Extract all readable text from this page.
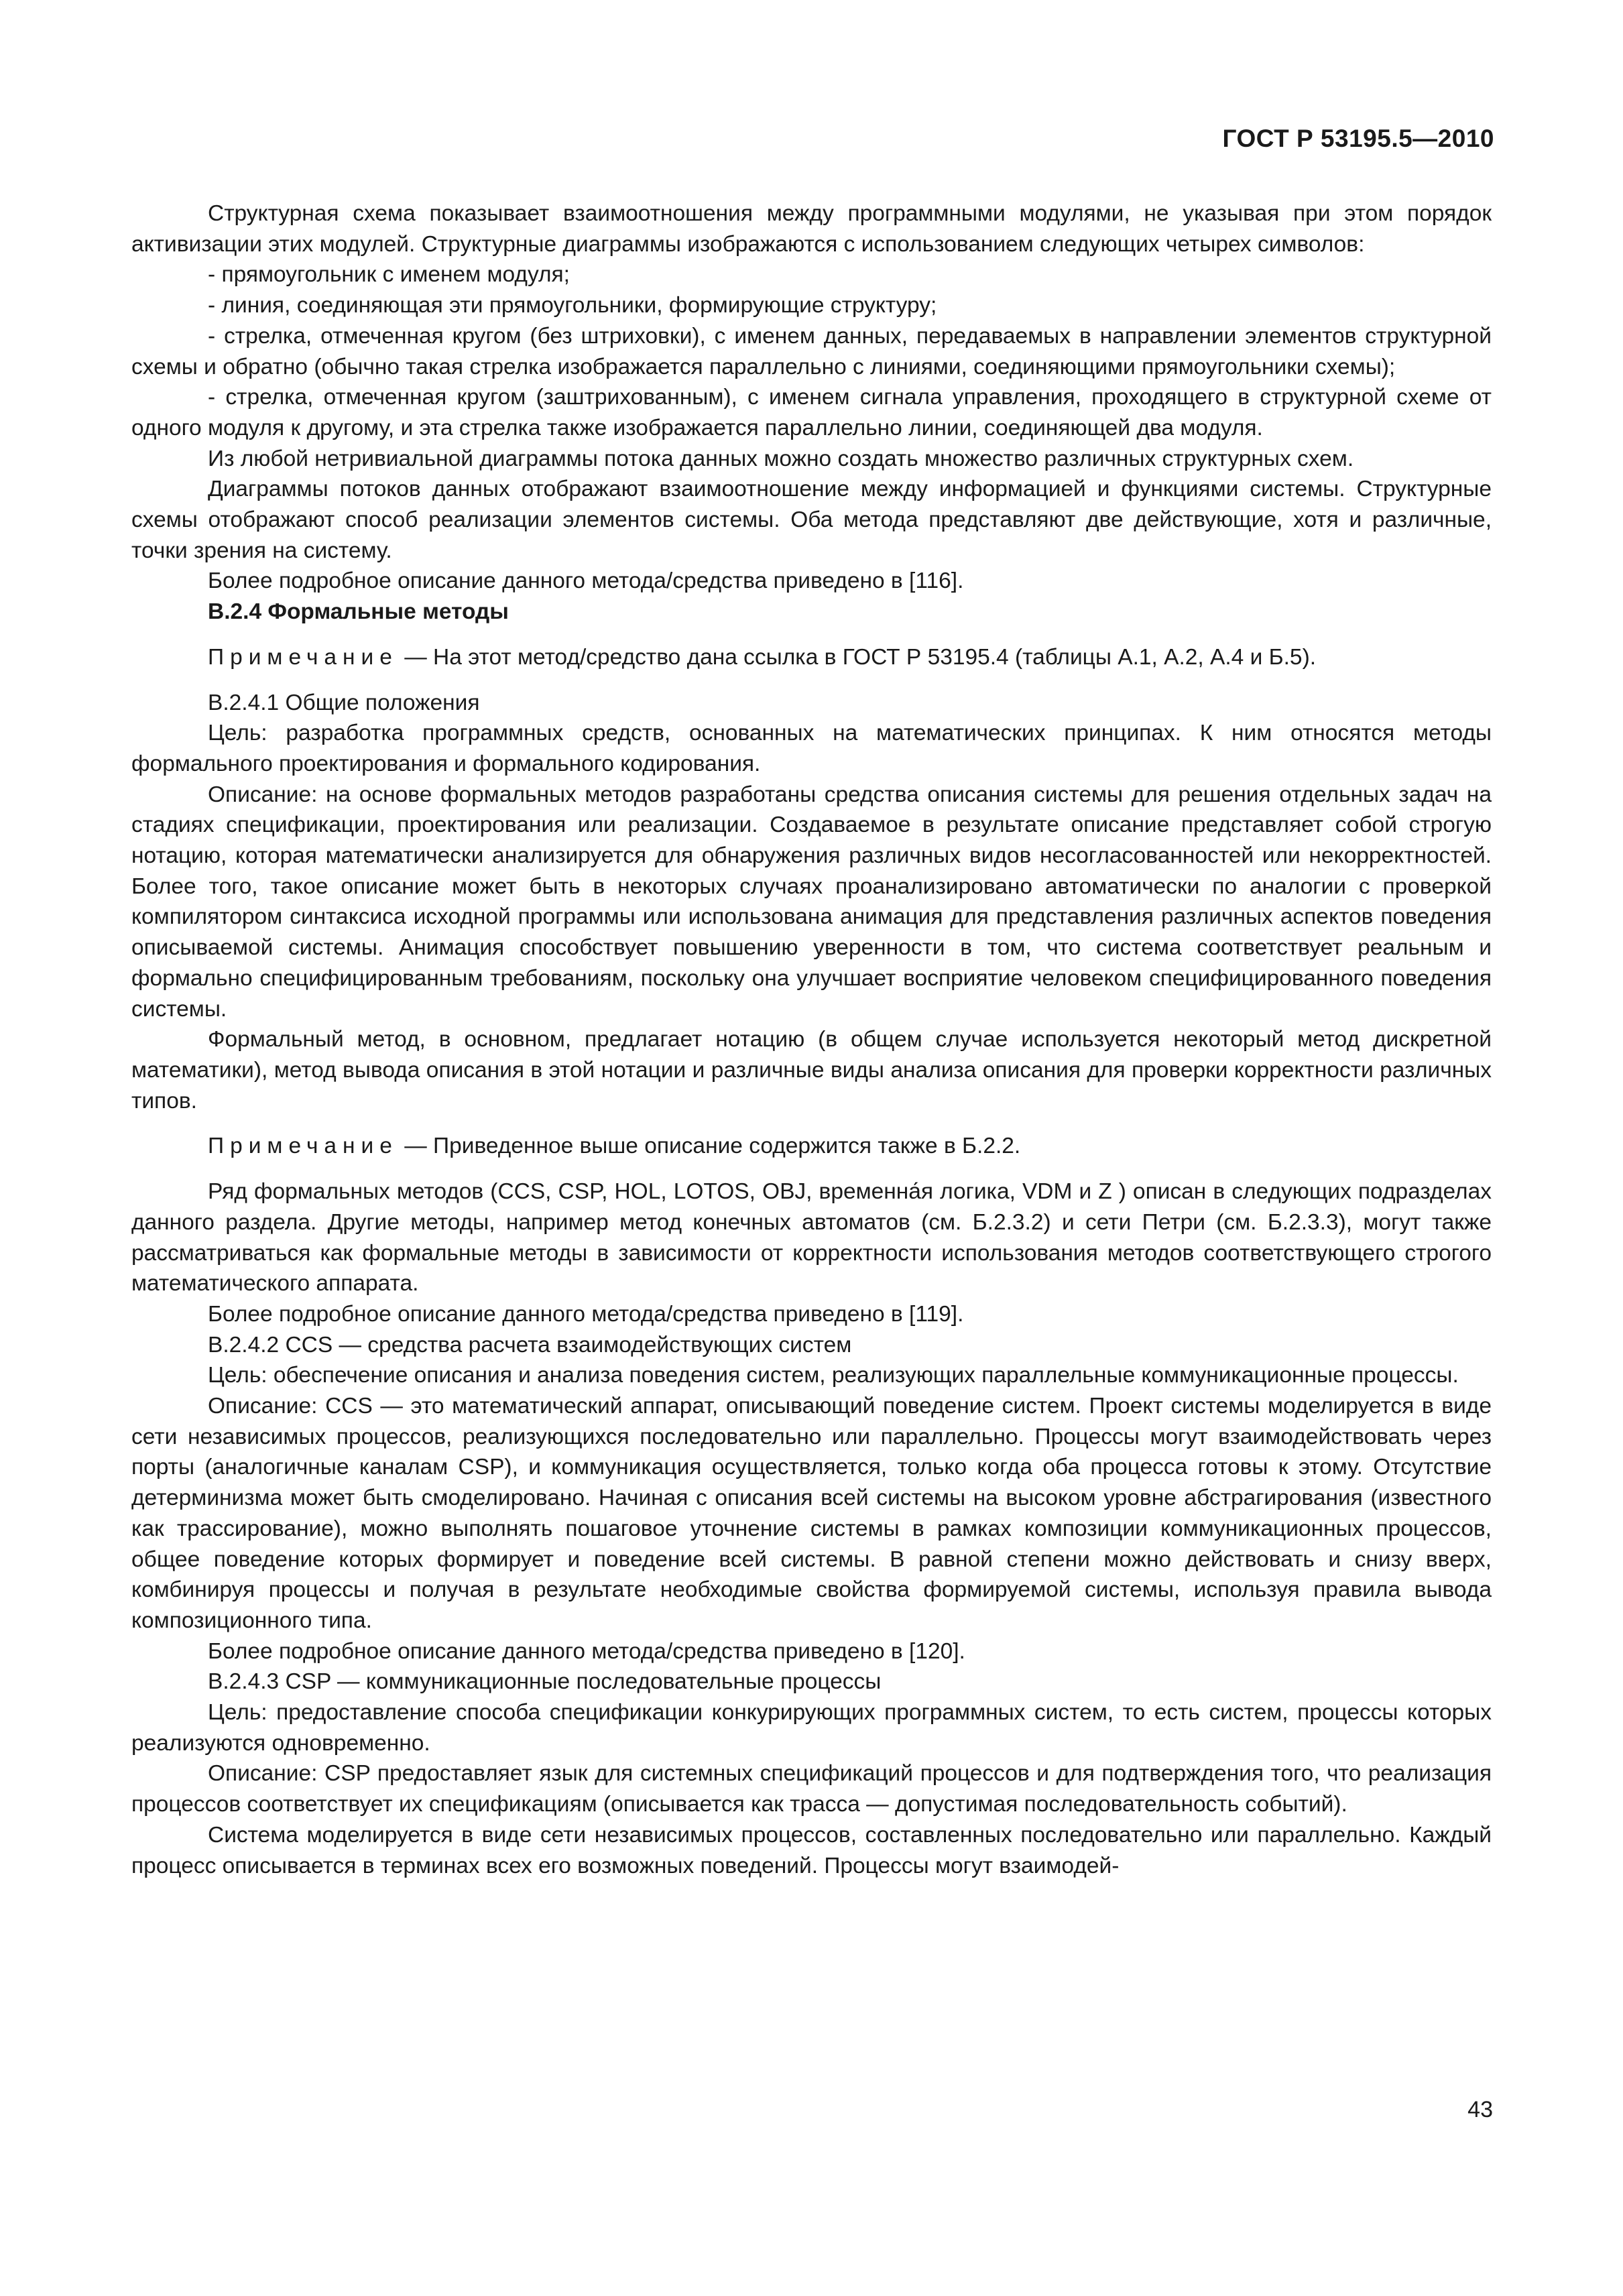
ГОСТ Р 53195.5—2010

Структурная схема показывает взаимоотношения между программными модулями, не указывая при этом порядок активизации этих модулей. Структурные диаграммы изображаются с использованием следующих четырех символов:

- прямоугольник с именем модуля;

- линия, соединяющая эти прямоугольники, формирующие структуру;

- стрелка, отмеченная кругом (без штриховки), с именем данных, передаваемых в направлении элементов структурной схемы и обратно (обычно такая стрелка изображается параллельно с линиями, соединяющими прямоугольники схемы);

- стрелка, отмеченная кругом (заштрихованным), с именем сигнала управления, проходящего в структурной схеме от одного модуля к другому, и эта стрелка также изображается параллельно линии, соединяющей два модуля.

Из любой нетривиальной диаграммы потока данных можно создать множество различных структурных схем.

Диаграммы потоков данных отображают взаимоотношение между информацией и функциями системы. Структурные схемы отображают способ реализации элементов системы. Оба метода представляют две действующие, хотя и различные, точки зрения на систему.

Более подробное описание данного метода/средства приведено в [116].

B.2.4 Формальные методы

Примечание — На этот метод/средство дана ссылка в ГОСТ Р 53195.4 (таблицы А.1, А.2, А.4 и Б.5).

B.2.4.1 Общие положения

Цель: разработка программных средств, основанных на математических принципах. К ним относятся методы формального проектирования и формального кодирования.

Описание: на основе формальных методов разработаны средства описания системы для решения отдельных задач на стадиях спецификации, проектирования или реализации. Создаваемое в результате описание представляет собой строгую нотацию, которая математически анализируется для обнаружения различных видов несогласованностей или некорректностей. Более того, такое описание может быть в некоторых случаях проанализировано автоматически по аналогии с проверкой компилятором синтаксиса исходной программы или использована анимация для представления различных аспектов поведения описываемой системы. Анимация способствует повышению уверенности в том, что система соответствует реальным и формально специфицированным требованиям, поскольку она улучшает восприятие человеком специфицированного поведения системы.

Формальный метод, в основном, предлагает нотацию (в общем случае используется некоторый метод дискретной математики), метод вывода описания в этой нотации и различные виды анализа описания для проверки корректности различных типов.

Примечание — Приведенное выше описание содержится также в Б.2.2.

Ряд формальных методов (CCS, CSP, HOL, LOTOS, OBJ, временна́я логика, VDM и Z ) описан в следующих подразделах данного раздела. Другие методы, например метод конечных автоматов (см. Б.2.3.2) и сети Петри (см. Б.2.3.3), могут также рассматриваться как формальные методы в зависимости от корректности использования методов соответствующего строгого математического аппарата.

Более подробное описание данного метода/средства приведено в [119].

B.2.4.2 CCS — средства расчета взаимодействующих систем

Цель: обеспечение описания и анализа поведения систем, реализующих параллельные коммуникационные процессы.

Описание: CCS — это математический аппарат, описывающий поведение систем. Проект системы моделируется в виде сети независимых процессов, реализующихся последовательно или параллельно. Процессы могут взаимодействовать через порты (аналогичные каналам CSP), и коммуникация осуществляется, только когда оба процесса готовы к этому. Отсутствие детерминизма может быть смоделировано. Начиная с описания всей системы на высоком уровне абстрагирования (известного как трассирование), можно выполнять пошаговое уточнение системы в рамках композиции коммуникационных процессов, общее поведение которых формирует и поведение всей системы. В равной степени можно действовать и снизу вверх, комбинируя процессы и получая в результате необходимые свойства формируемой системы, используя правила вывода композиционного типа.

Более подробное описание данного метода/средства приведено в [120].

B.2.4.3 CSP — коммуникационные последовательные процессы

Цель: предоставление способа спецификации конкурирующих программных систем, то есть систем, процессы которых реализуются одновременно.

Описание: CSP предоставляет язык для системных спецификаций процессов и для подтверждения того, что реализация процессов соответствует их спецификациям (описывается как трасса — допустимая последовательность событий).

Система моделируется в виде сети независимых процессов, составленных последовательно или параллельно. Каждый процесс описывается в терминах всех его возможных поведений. Процессы могут взаимодей-

43
